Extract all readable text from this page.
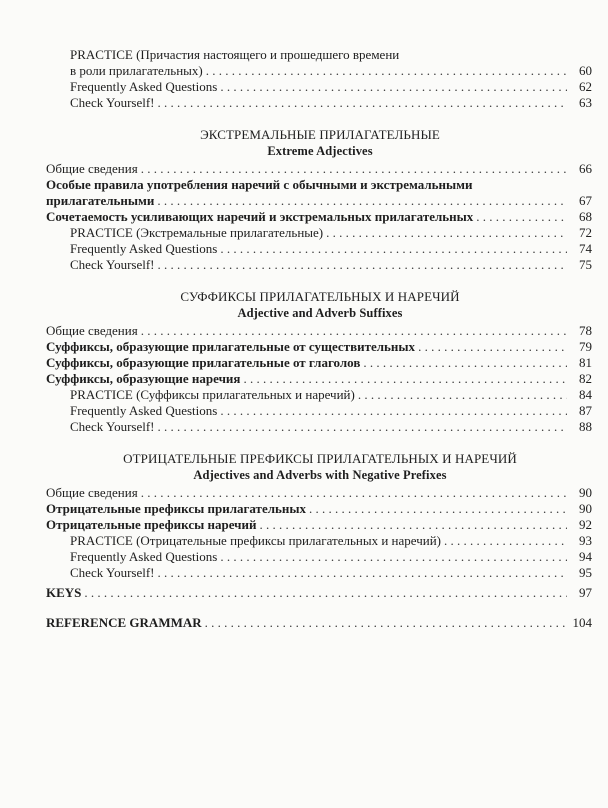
PRACTICE (Причастия настоящего и прошедшего времени
в роли прилагательных) . . .	60
Frequently Asked Questions . . .	62
Check Yourself! . . .	63
ЭКСТРЕМАЛЬНЫЕ ПРИЛАГАТЕЛЬНЫЕ
Extreme Adjectives
Общие сведения . . .	66
Особые правила употребления наречий с обычными и экстремальными
прилагательными . . .	67
Сочетаемость усиливающих наречий и экстремальных прилагательных . . .	68
PRACTICE (Экстремальные прилагательные) . . .	72
Frequently Asked Questions . . .	74
Check Yourself! . . .	75
СУФФИКСЫ ПРИЛАГАТЕЛЬНЫХ И НАРЕЧИЙ
Adjective and Adverb Suffixes
Общие сведения . . .	78
Суффиксы, образующие прилагательные от существительных . . .	79
Суффиксы, образующие прилагательные от глаголов . . .	81
Суффиксы, образующие наречия . . .	82
PRACTICE (Суффиксы прилагательных и наречий) . . .	84
Frequently Asked Questions . . .	87
Check Yourself! . . .	88
ОТРИЦАТЕЛЬНЫЕ ПРЕФИКСЫ ПРИЛАГАТЕЛЬНЫХ И НАРЕЧИЙ
Adjectives and Adverbs with Negative Prefixes
Общие сведения . . .	90
Отрицательные префиксы прилагательных . . .	90
Отрицательные префиксы наречий . . .	92
PRACTICE (Отрицательные префиксы прилагательных и наречий) . . .	93
Frequently Asked Questions . . .	94
Check Yourself! . . .	95
KEYS . . .	97
REFERENCE GRAMMAR . . .	104
